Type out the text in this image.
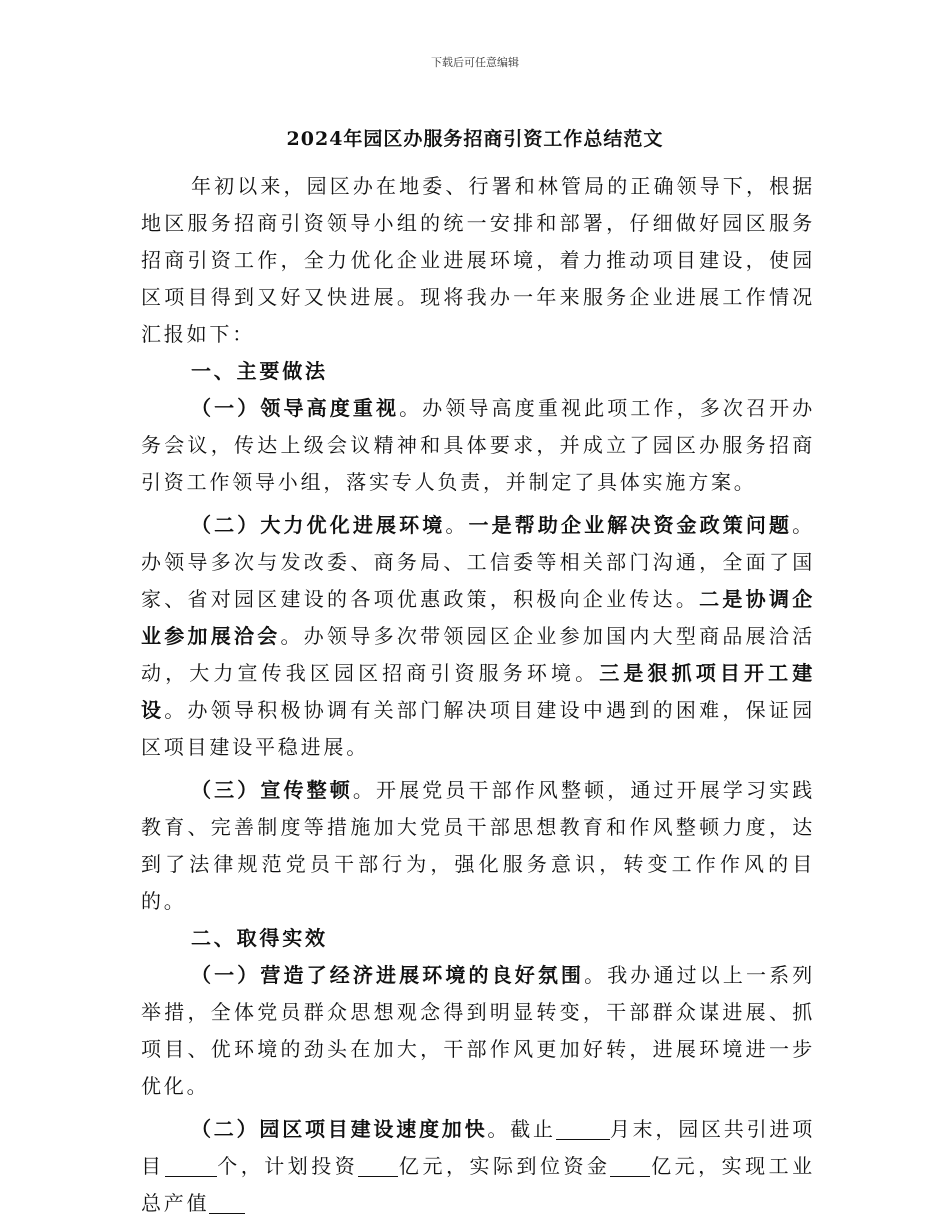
下载后可任意编辑
2024年园区办服务招商引资工作总结范文

年初以来，园区办在地委、行署和林管局的正确领导下，根据地区服务招商引资领导小组的统一安排和部署，仔细做好园区服务招商引资工作，全力优化企业进展环境，着力推动项目建设，使园区项目得到又好又快进展。现将我办一年来服务企业进展工作情况汇报如下：

一、主要做法

（一）领导高度重视。办领导高度重视此项工作，多次召开办务会议，传达上级会议精神和具体要求，并成立了园区办服务招商引资工作领导小组，落实专人负责，并制定了具体实施方案。

（二）大力优化进展环境。一是帮助企业解决资金政策问题。办领导多次与发改委、商务局、工信委等相关部门沟通，全面了国家、省对园区建设的各项优惠政策，积极向企业传达。二是协调企业参加展洽会。办领导多次带领园区企业参加国内大型商品展洽活动，大力宣传我区园区招商引资服务环境。三是狠抓项目开工建设。办领导积极协调有关部门解决项目建设中遇到的困难，保证园区项目建设平稳进展。

（三）宣传整顿。开展党员干部作风整顿，通过开展学习实践教育、完善制度等措施加大党员干部思想教育和作风整顿力度，达到了法律规范党员干部行为，强化服务意识，转变工作作风的目的。

二、取得实效

（一）营造了经济进展环境的良好氛围。我办通过以上一系列举措，全体党员群众思想观念得到明显转变，干部群众谋进展、抓项目、优环境的劲头在加大，干部作风更加好转，进展环境进一步优化。

（二）园区项目建设速度加快。截止	月末，园区共引进项目	个，计划投资 亿元，实际到位资金 亿元，实现工业总产值
